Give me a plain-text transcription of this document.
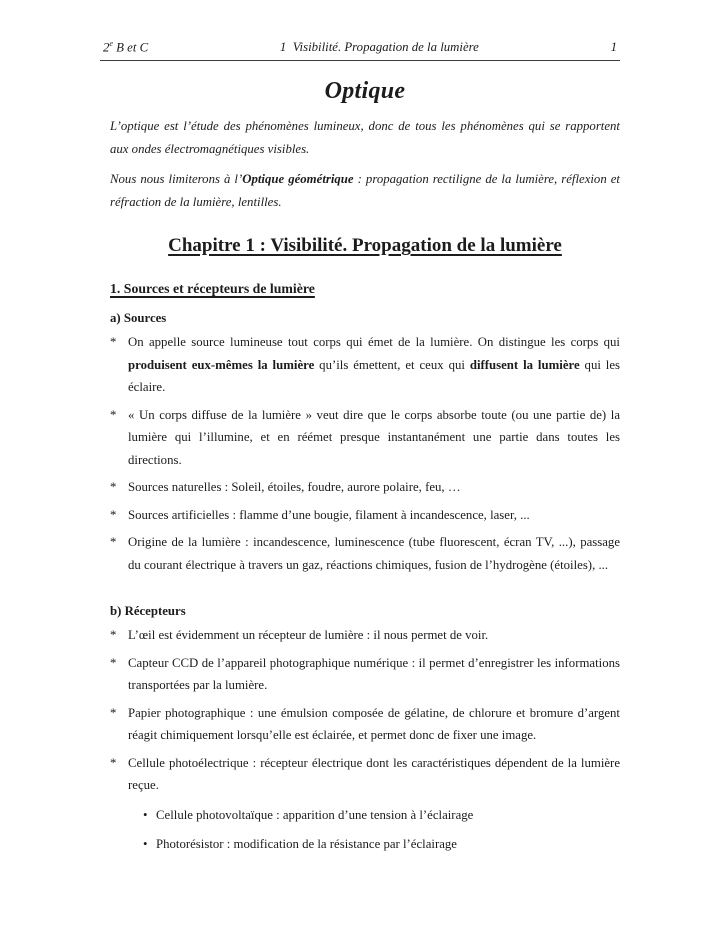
2e B et C	1  Visibilité. Propagation de la lumière	1
Optique

L’optique est l’étude des phénomènes lumineux, donc de tous les phénomènes qui se rapportent aux ondes électromagnétiques visibles.

Nous nous limiterons à l’Optique géométrique : propagation rectiligne de la lumière, réflexion et réfraction de la lumière, lentilles.

Chapitre 1 : Visibilité. Propagation de la lumière
1. Sources et récepteurs de lumière
a) Sources
* On appelle source lumineuse tout corps qui émet de la lumière. On distingue les corps qui produisent eux-mêmes la lumière qu’ils émettent, et ceux qui diffusent la lumière qui les éclaire.
* « Un corps diffuse de la lumière » veut dire que le corps absorbe toute (ou une partie de) la lumière qui l’illumine, et en réémet presque instantanément une partie dans toutes les directions.
* Sources naturelles : Soleil, étoiles, foudre, aurore polaire, feu, …
* Sources artificielles : flamme d’une bougie, filament à incandescence, laser, ...
* Origine de la lumière : incandescence, luminescence (tube fluorescent, écran TV, ...), passage du courant électrique à travers un gaz, réactions chimiques, fusion de l’hydrogène (étoiles), ...
b) Récepteurs
* L’œil est évidemment un récepteur de lumière : il nous permet de voir.
* Capteur CCD de l’appareil photographique numérique : il permet d’enregistrer les informations transportées par la lumière.
* Papier photographique : une émulsion composée de gélatine, de chlorure et bromure d’argent réagit chimiquement lorsqu’elle est éclairée, et permet donc de fixer une image.
* Cellule photoélectrique : récepteur électrique dont les caractéristiques dépendent de la lumière reçue.
• Cellule photovoltaïque : apparition d’une tension à l’éclairage
• Photorésistor : modification de la résistance par l’éclairage
